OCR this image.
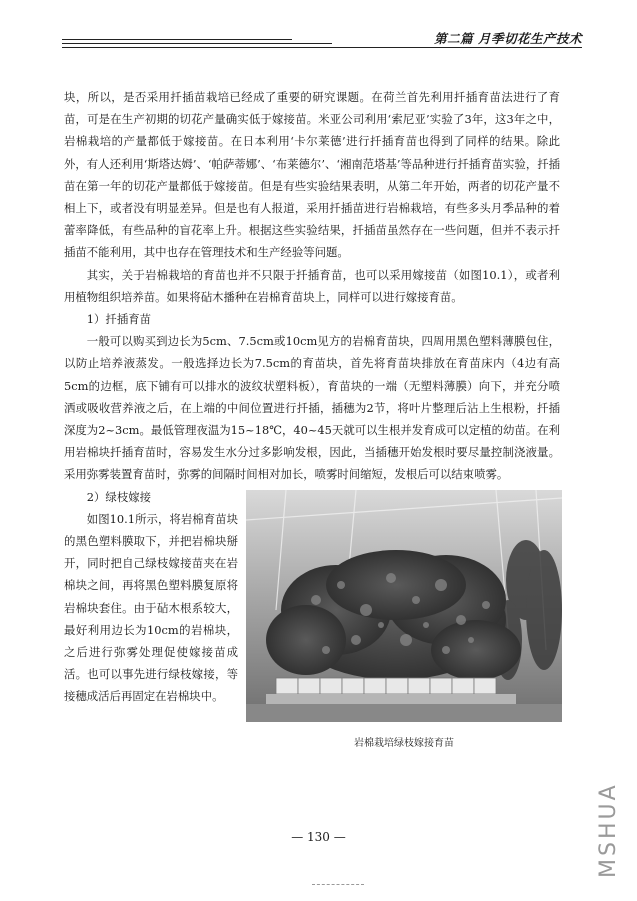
第二篇 月季切花生产技术

块，所以，是否采用扦插苗栽培已经成了重要的研究课题。在荷兰首先利用扦插育苗法进行了育苗，可是在生产初期的切花产量确实低于嫁接苗。米亚公司利用‘索尼亚’实验了3年，这3年之中，岩棉栽培的产量都低于嫁接苗。在日本利用‘卡尔莱德’进行扦插育苗也得到了同样的结果。除此外，有人还利用‘斯塔达姆’、‘帕萨蒂娜’、‘布莱德尔’、‘湘南范塔基’等品种进行扦插育苗实验，扦插苗在第一年的切花产量都低于嫁接苗。但是有些实验结果表明，从第二年开始，两者的切花产量不相上下，或者没有明显差异。但是也有人报道，采用扦插苗进行岩棉栽培，有些多头月季品种的着蕾率降低，有些品种的盲花率上升。根据这些实验结果，扦插苗虽然存在一些问题，但并不表示扦插苗不能利用，其中也存在管理技术和生产经验等问题。

其实，关于岩棉栽培的育苗也并不只限于扦插育苗，也可以采用嫁接苗（如图10.1），或者利用植物组织培养苗。如果将砧木播种在岩棉育苗块上，同样可以进行嫁接育苗。

1）扦插育苗

一般可以购买到边长为5cm、7.5cm或10cm见方的岩棉育苗块，四周用黑色塑料薄膜包住，以防止培养液蒸发。一般选择边长为7.5cm的育苗块，首先将育苗块排放在育苗床内（4边有高5cm的边框，底下铺有可以排水的波纹状塑料板），育苗块的一端（无塑料薄膜）向下，并充分喷洒或吸收营养液之后，在上端的中间位置进行扦插，插穗为2节，将叶片整理后沾上生根粉，扦插深度为2~3cm。最低管理夜温为15~18℃，40~45天就可以生根并发育成可以定植的幼苗。在利用岩棉块扦插育苗时，容易发生水分过多影响发根，因此，当插穗开始发根时要尽量控制浇液量。采用弥雾装置育苗时，弥雾的间隔时间相对加长，喷雾时间缩短，发根后可以结束喷雾。

2）绿枝嫁接

如图10.1所示，将岩棉育苗块的黑色塑料膜取下，并把岩棉块掰开，同时把自己绿枝嫁接苗夹在岩棉块之间，再将黑色塑料膜复原将岩棉块套住。由于砧木根系较大，最好利用边长为10cm的岩棉块，之后进行弥雾处理促使嫁接苗成活。也可以事先进行绿枝嫁接，等接穗成活后再固定在岩棉块中。

岩棉栽培绿枝嫁接育苗
— 130 —	MSHUA
